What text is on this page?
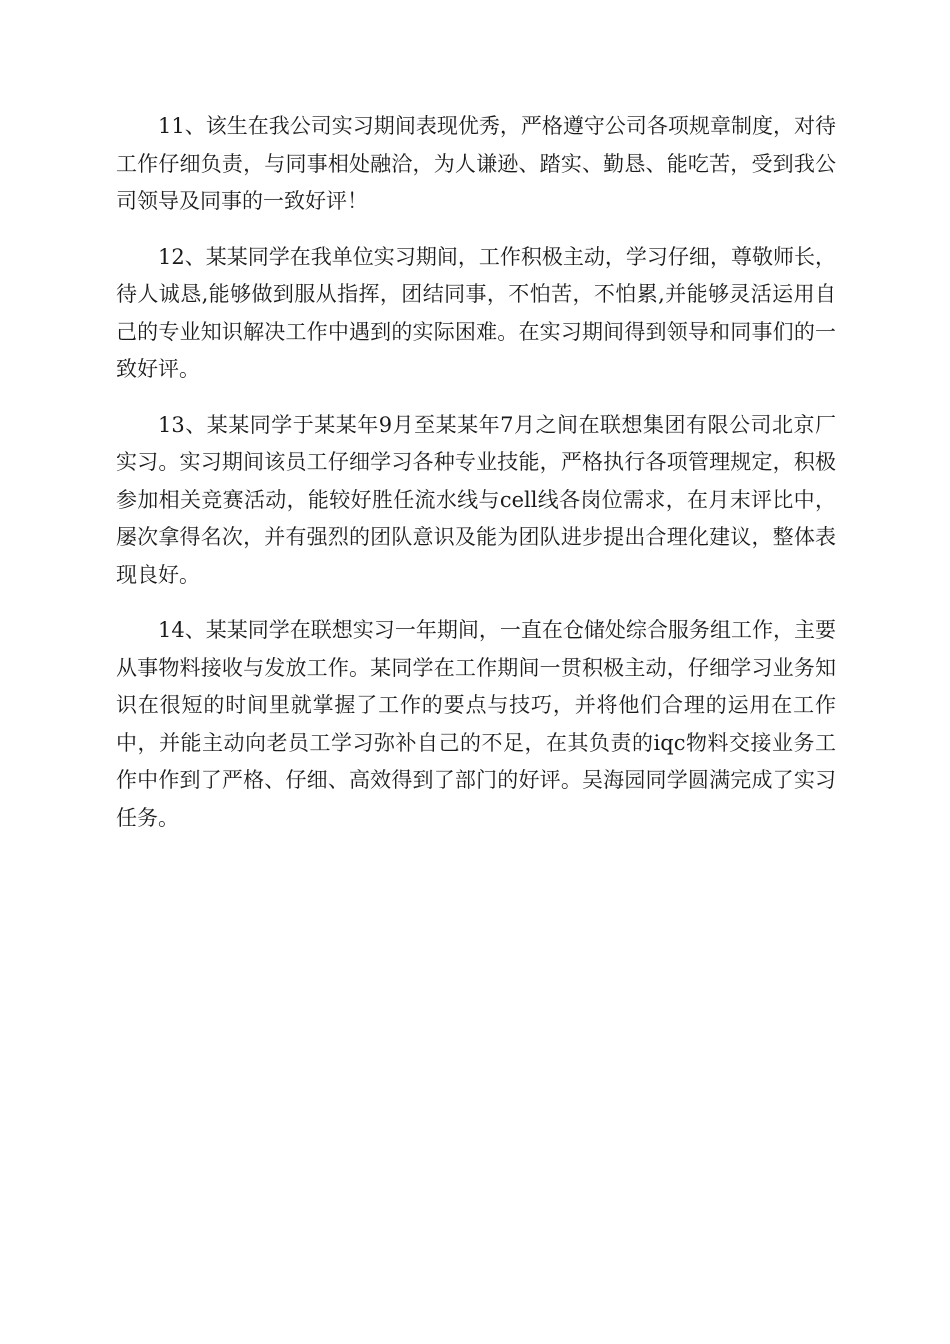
11、该生在我公司实习期间表现优秀，严格遵守公司各项规章制度，对待工作仔细负责，与同事相处融洽，为人谦逊、踏实、勤恳、能吃苦，受到我公司领导及同事的一致好评！

12、某某同学在我单位实习期间，工作积极主动，学习仔细，尊敬师长，待人诚恳,能够做到服从指挥，团结同事，不怕苦，不怕累,并能够灵活运用自己的专业知识解决工作中遇到的实际困难。在实习期间得到领导和同事们的一致好评。

13、某某同学于某某年9月至某某年7月之间在联想集团有限公司北京厂实习。实习期间该员工仔细学习各种专业技能，严格执行各项管理规定，积极参加相关竞赛活动，能较好胜任流水线与cell线各岗位需求，在月末评比中，屡次拿得名次，并有强烈的团队意识及能为团队进步提出合理化建议，整体表现良好。

14、某某同学在联想实习一年期间，一直在仓储处综合服务组工作，主要从事物料接收与发放工作。某同学在工作期间一贯积极主动，仔细学习业务知识在很短的时间里就掌握了工作的要点与技巧，并将他们合理的运用在工作中，并能主动向老员工学习弥补自己的不足，在其负责的iqc物料交接业务工作中作到了严格、仔细、高效得到了部门的好评。吴海园同学圆满完成了实习任务。
